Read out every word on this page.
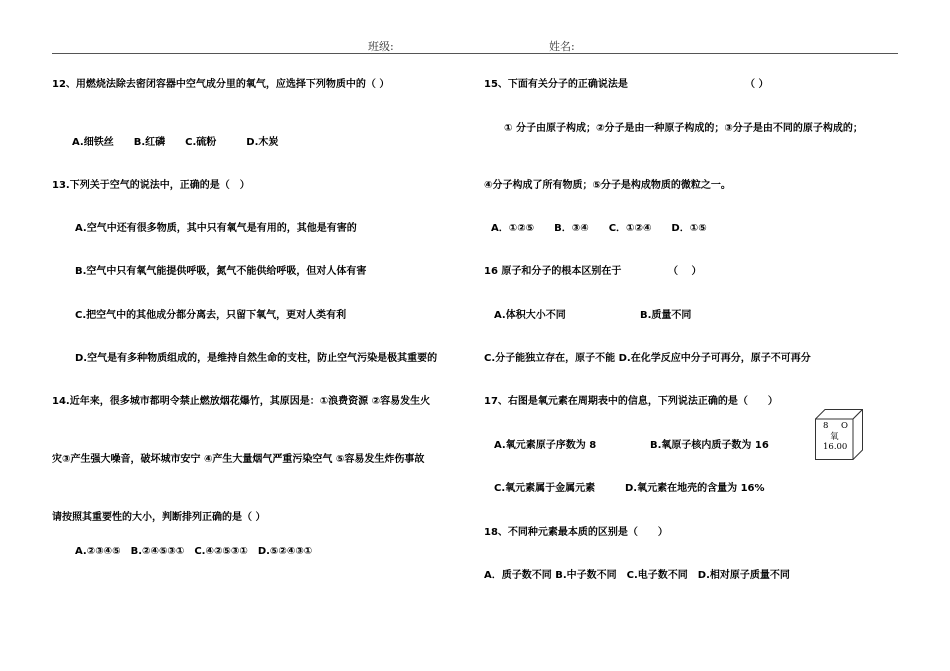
班级:	姓名:
12、用燃烧法除去密闭容器中空气成分里的氧气，应选择下列物质中的（ ）
A.细铁丝　　B.红磷　　C.硫粉　　　D.木炭
13.下列关于空气的说法中，正确的是（　）
A.空气中还有很多物质，其中只有氧气是有用的，其他是有害的
B.空气中只有氧气能提供呼吸，氮气不能供给呼吸，但对人体有害
C.把空气中的其他成分都分离去，只留下氧气，更对人类有利
D.空气是有多种物质组成的，是维持自然生命的支柱，防止空气污染是极其重要的
14.近年来，很多城市都明令禁止燃放烟花爆竹，其原因是：①浪费资源 ②容易发生火
灾③产生强大噪音，破坏城市安宁 ④产生大量烟气严重污染空气 ⑤容易发生炸伤事故
请按照其重要性的大小，判断排列正确的是（ ）
A.②③④⑤　B.②④⑤③①　C.④②⑤③①　D.⑤②④③①
15、下面有关分子的正确说法是	（ ）
① 分子由原子构成；②分子是由一种原子构成的；③分子是由不同的原子构成的；
④分子构成了所有物质；⑤分子是构成物质的微粒之一。
A．①②⑤　　B．③④　　C．①②④　　D．①⑤
16 原子和分子的根本区别在于	（　 ）
A.体积大小不同	B.质量不同
C.分子能独立存在，原子不能 D.在化学反应中分子可再分，原子不可再分
17、右图是氧元素在周期表中的信息，下列说法正确的是（　　）
A.氧元素原子序数为 8	B.氧原子核内质子数为 16
C.氧元素属于金属元素	D.氧元素在地壳的含量为 16%
8 O
氧
16.00
18、不同种元素最本质的区别是（　　）
A．质子数不同 B.中子数不同　C.电子数不同　D.相对原子质量不同
